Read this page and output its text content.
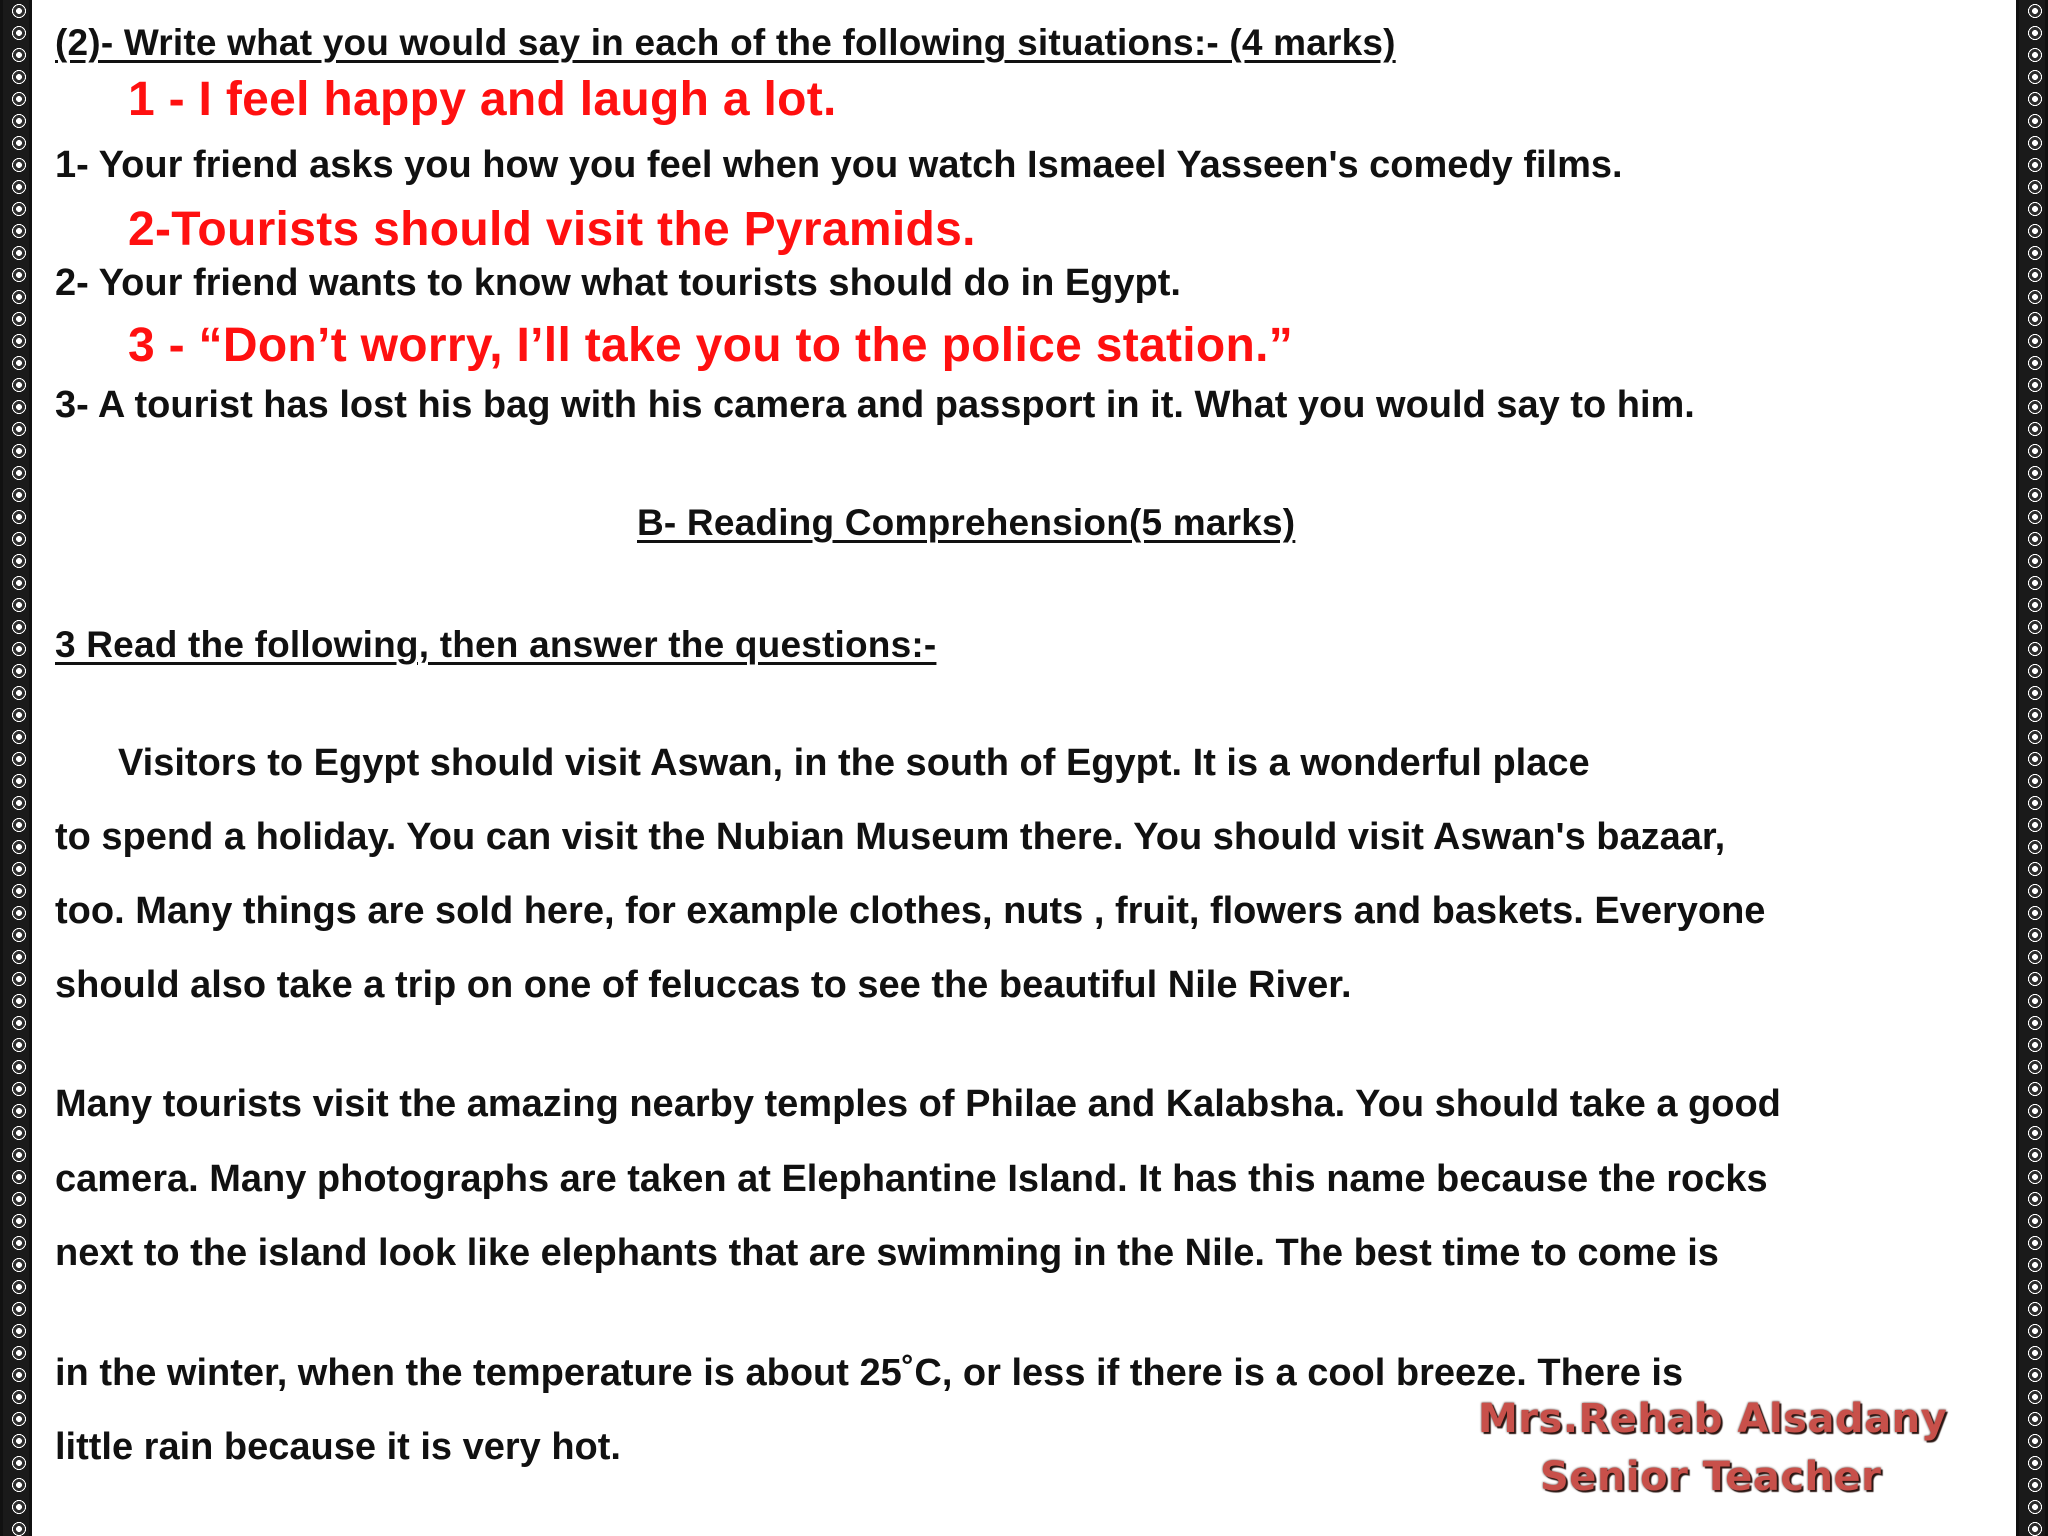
(2)- Write what you would say in each of the following situations:- (4 marks)

1 - I feel happy and laugh a lot.

1- Your friend asks you how you feel when you watch Ismaeel Yasseen's comedy films.

2-Tourists should visit the Pyramids.

2- Your friend wants to know what tourists should do in Egypt.

3 - “Don’t worry, I’ll take you to the police station.”

3- A tourist has lost his bag with his camera and passport in it. What you would say to him.

B- Reading Comprehension(5 marks)

3 Read the following, then answer the questions:-

Visitors to Egypt should visit Aswan, in the south of Egypt. It is a wonderful place

to spend a holiday. You can visit the Nubian Museum there. You should visit Aswan's bazaar,

too. Many things are sold here, for example clothes, nuts , fruit, flowers and baskets. Everyone

should also take a trip on one of feluccas to see the beautiful Nile River.

Many tourists visit the amazing nearby temples of Philae and Kalabsha. You should take a good

camera. Many photographs are taken at Elephantine Island. It has this name because the rocks

next to the island look like elephants that are swimming in the Nile. The best time to come is

in the winter, when the temperature is about 25˚C, or less if there is a cool breeze. There is

little rain because it is very hot.

Mrs.Rehab Alsadany
Senior Teacher
